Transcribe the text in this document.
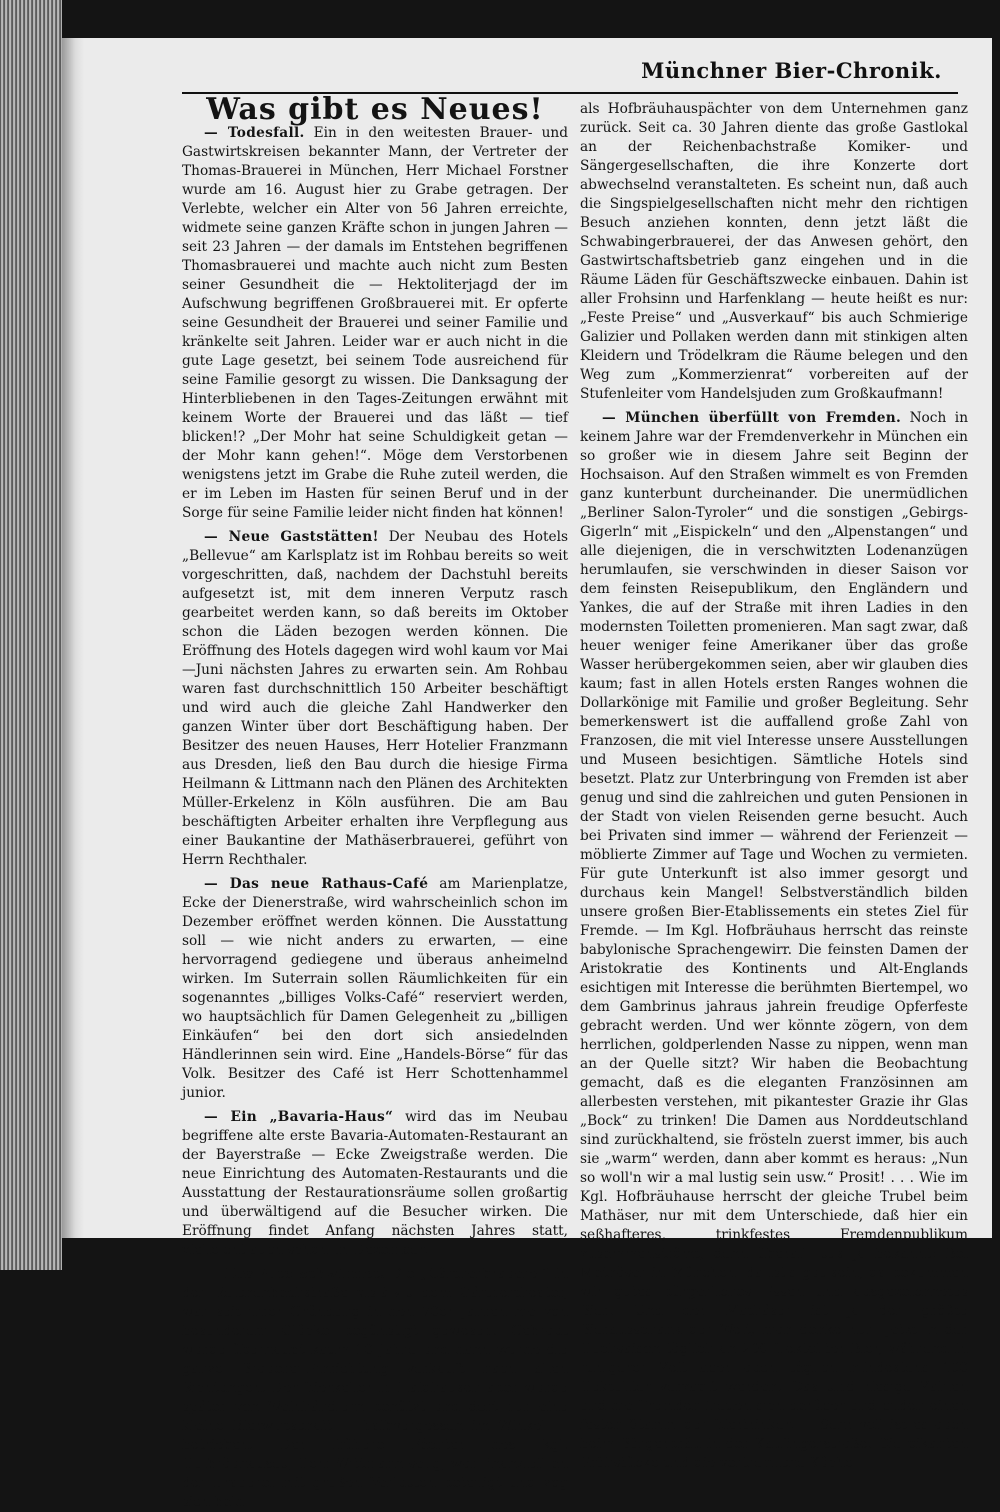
Münchner Bier-Chronik.

Was gibt es Neues!

— Todesfall. Ein in den weitesten Brauer- und Gastwirtskreisen bekannter Mann, der Vertreter der Thomas-Brauerei in München, Herr Michael Forstner wurde am 16. August hier zu Grabe getragen. Der Verlebte, welcher ein Alter von 56 Jahren erreichte, widmete seine ganzen Kräfte schon in jungen Jahren — seit 23 Jahren — der damals im Entstehen begriffenen Thomasbrauerei und machte auch nicht zum Besten seiner Gesundheit die — Hektoliterjagd der im Aufschwung begriffenen Großbrauerei mit. Er opferte seine Gesundheit der Brauerei und seiner Familie und kränkelte seit Jahren. Leider war er auch nicht in die gute Lage gesetzt, bei seinem Tode ausreichend für seine Familie gesorgt zu wissen. Die Danksagung der Hinterbliebenen in den Tages-Zeitungen erwähnt mit keinem Worte der Brauerei und das läßt — tief blicken!? „Der Mohr hat seine Schuldigkeit getan — der Mohr kann gehen!“. Möge dem Verstorbenen wenigstens jetzt im Grabe die Ruhe zuteil werden, die er im Leben im Hasten für seinen Beruf und in der Sorge für seine Familie leider nicht finden hat können!

— Neue Gaststätten! Der Neubau des Hotels „Bellevue“ am Karlsplatz ist im Rohbau bereits so weit vorgeschritten, daß, nachdem der Dachstuhl bereits aufgesetzt ist, mit dem inneren Verputz rasch gearbeitet werden kann, so daß bereits im Oktober schon die Läden bezogen werden können. Die Eröffnung des Hotels dagegen wird wohl kaum vor Mai—Juni nächsten Jahres zu erwarten sein. Am Rohbau waren fast durchschnittlich 150 Arbeiter beschäftigt und wird auch die gleiche Zahl Handwerker den ganzen Winter über dort Beschäftigung haben. Der Besitzer des neuen Hauses, Herr Hotelier Franzmann aus Dresden, ließ den Bau durch die hiesige Firma Heilmann & Littmann nach den Plänen des Architekten Müller-Erkelenz in Köln ausführen. Die am Bau beschäftigten Arbeiter erhalten ihre Verpflegung aus einer Baukantine der Mathäserbrauerei, geführt von Herrn Rechthaler.

— Das neue Rathaus-Café am Marienplatze, Ecke der Dienerstraße, wird wahrscheinlich schon im Dezember eröffnet werden können. Die Ausstattung soll — wie nicht anders zu erwarten, — eine hervorragend gediegene und überaus anheimelnd wirken. Im Suterrain sollen Räumlichkeiten für ein sogenanntes „billiges Volks-Café“ reserviert werden, wo hauptsächlich für Damen Gelegenheit zu „billigen Einkäufen“ bei den dort sich ansiedelnden Händlerinnen sein wird. Eine „Handels-Börse“ für das Volk. Besitzer des Café ist Herr Schottenhammel junior.

— Ein „Bavaria-Haus“ wird das im Neubau begriffene alte erste Bavaria-Automaten-Restaurant an der Bayerstraße — Ecke Zweigstraße werden. Die neue Einrichtung des Automaten-Restaurants und die Ausstattung der Restaurationsräume sollen großartig und überwältigend auf die Besucher wirken. Die Eröffnung findet Anfang nächsten Jahres statt, vielleicht auch schon im Dezember.

— Das Alte schwindet. Die „Gärtnerbrauerei“ in der Reichenbachstraße vis-à-vis dem Gärtnertheater, war seit ihrer Gründung in den 70er Jahren nie von besonderem Glücke begünstigt gewesen. Gebraut wurde überhaupt kaum 10 Jahre und dann wurde die ganze Brauerei-Einrichtung verkauft nach allen Richtungen. Der Bierkeller in Haidhausen aber wurde später von Weinhändlern benützt und dort nur eine kleine Bierwirtschaft — halbvergessen im Winkel — betrieben. Der frühere Pächter des kgl. Hofbräuhauses, Herr Wittmann selig, war finanziell an der Brauerei mit großen Verlusten beteiligt und zog sich bald

als Hofbräuhauspächter von dem Unternehmen ganz zurück. Seit ca. 30 Jahren diente das große Gastlokal an der Reichenbachstraße Komiker- und Sängergesellschaften, die ihre Konzerte dort abwechselnd veranstalteten. Es scheint nun, daß auch die Singspielgesellschaften nicht mehr den richtigen Besuch anziehen konnten, denn jetzt läßt die Schwabingerbrauerei, der das Anwesen gehört, den Gastwirtschaftsbetrieb ganz eingehen und in die Räume Läden für Geschäftszwecke einbauen. Dahin ist aller Frohsinn und Harfenklang — heute heißt es nur: „Feste Preise“ und „Ausverkauf“ bis auch Schmierige Galizier und Pollaken werden dann mit stinkigen alten Kleidern und Trödelkram die Räume belegen und den Weg zum „Kommerzienrat“ vorbereiten auf der Stufenleiter vom Handelsjuden zum Großkaufmann!

— München überfüllt von Fremden. Noch in keinem Jahre war der Fremdenverkehr in München ein so großer wie in diesem Jahre seit Beginn der Hochsaison. Auf den Straßen wimmelt es von Fremden ganz kunterbunt durcheinander. Die unermüdlichen „Berliner Salon-Tyroler“ und die sonstigen „Gebirgs-Gigerln“ mit „Eispickeln“ und den „Alpenstangen“ und alle diejenigen, die in verschwitzten Lodenanzügen herumlaufen, sie verschwinden in dieser Saison vor dem feinsten Reisepublikum, den Engländern und Yankes, die auf der Straße mit ihren Ladies in den modernsten Toiletten promenieren. Man sagt zwar, daß heuer weniger feine Amerikaner über das große Wasser herübergekommen seien, aber wir glauben dies kaum; fast in allen Hotels ersten Ranges wohnen die Dollarkönige mit Familie und großer Begleitung. Sehr bemerkenswert ist die auffallend große Zahl von Franzosen, die mit viel Interesse unsere Ausstellungen und Museen besichtigen. Sämtliche Hotels sind besetzt. Platz zur Unterbringung von Fremden ist aber genug und sind die zahlreichen und guten Pensionen in der Stadt von vielen Reisenden gerne besucht. Auch bei Privaten sind immer — während der Ferienzeit — möblierte Zimmer auf Tage und Wochen zu vermieten. Für gute Unterkunft ist also immer gesorgt und durchaus kein Mangel! Selbstverständlich bilden unsere großen Bier-Etablissements ein stetes Ziel für Fremde. — Im Kgl. Hofbräuhaus herrscht das reinste babylonische Sprachengewirr. Die feinsten Damen der Aristokratie des Kontinents und Alt-Englands esichtigen mit Interesse die berühmten Biertempel, wo dem Gambrinus jahraus jahrein freudige Opferfeste gebracht werden. Und wer könnte zögern, von dem herrlichen, goldperlenden Nasse zu nippen, wenn man an der Quelle sitzt? Wir haben die Beobachtung gemacht, daß es die eleganten Französinnen am allerbesten verstehen, mit pikantester Grazie ihr Glas „Bock“ zu trinken! Die Damen aus Norddeutschland sind zurückhaltend, sie frösteln zuerst immer, bis auch sie „warm“ werden, dann aber kommt es heraus: „Nun so woll'n wir a mal lustig sein usw.“ Prosit! . . . Wie im Kgl. Hofbräuhause herrscht der gleiche Trubel beim Mathäser, nur mit dem Unterschiede, daß hier ein seßhafteres, trinkfestes Fremdenpublikum zusammenströmt, denn überall ist's ja bekannt: Bei Mathäser in München, da ist's gut sein, da bekommen wir gutes bürgerliches Essen und ausgezeichnetes Bier! Und der Mathäser ist ja der größte Bierausschank der Welt; man denke nur: Jetzt in der Hochsaison täglich an 200 Hektoliter Bier, während in ruhigerer Zeit aber auch täglich mindestens 100 Hektoliter verzapft werden! Das sind riesige Zahlen und die Fremden freuen sich darüber und bilden einen festen Stamm der Biertrinker. — Sehr voll ist es auch beim Bürgerbräu in der Kaufingerstraße. Die pikanten Frühstücke und die vortreffliche Küche
